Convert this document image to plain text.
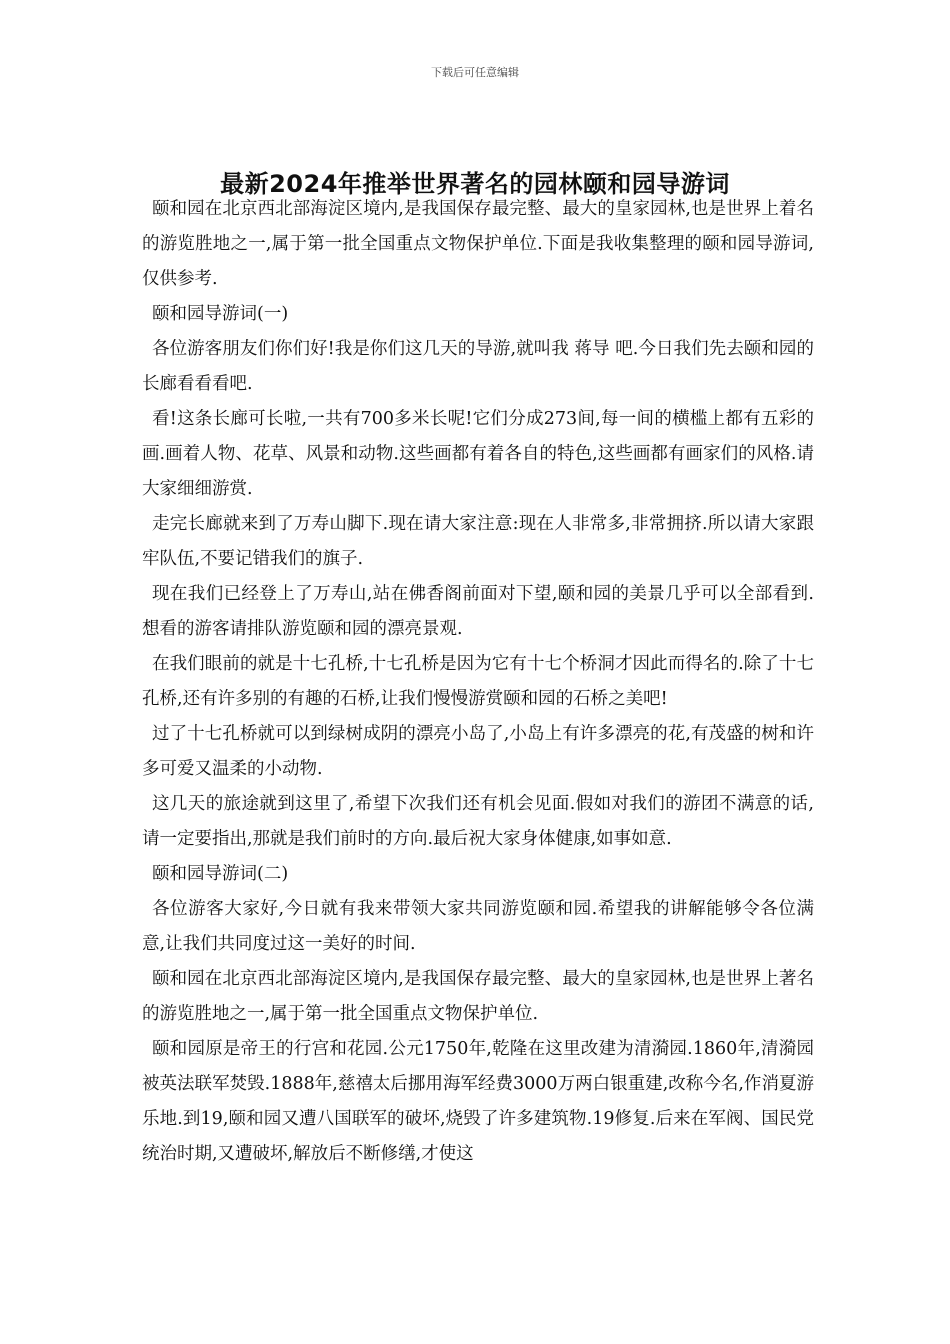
下载后可任意编辑
最新2024年推举世界著名的园林颐和园导游词

颐和园在北京西北部海淀区境内,是我国保存最完整、最大的皇家园林,也是世界上着名的游览胜地之一,属于第一批全国重点文物保护单位.下面是我收集整理的颐和园导游词,仅供参考.

颐和园导游词(一)

各位游客朋友们你们好!我是你们这几天的导游,就叫我 蒋导 吧.今日我们先去颐和园的长廊看看看吧.

看!这条长廊可长啦,一共有700多米长呢!它们分成273间,每一间的横槛上都有五彩的画.画着人物、花草、风景和动物.这些画都有着各自的特色,这些画都有画家们的风格.请大家细细游赏.

走完长廊就来到了万寿山脚下.现在请大家注意:现在人非常多,非常拥挤.所以请大家跟牢队伍,不要记错我们的旗子.

现在我们已经登上了万寿山,站在佛香阁前面对下望,颐和园的美景几乎可以全部看到.想看的游客请排队游览颐和园的漂亮景观.

在我们眼前的就是十七孔桥,十七孔桥是因为它有十七个桥洞才因此而得名的.除了十七孔桥,还有许多别的有趣的石桥,让我们慢慢游赏颐和园的石桥之美吧!

过了十七孔桥就可以到绿树成阴的漂亮小岛了,小岛上有许多漂亮的花,有茂盛的树和许多可爱又温柔的小动物.

这几天的旅途就到这里了,希望下次我们还有机会见面.假如对我们的游团不满意的话,请一定要指出,那就是我们前时的方向.最后祝大家身体健康,如事如意.

颐和园导游词(二)

各位游客大家好,今日就有我来带领大家共同游览颐和园.希望我的讲解能够令各位满意,让我们共同度过这一美好的时间.

颐和园在北京西北部海淀区境内,是我国保存最完整、最大的皇家园林,也是世界上著名的游览胜地之一,属于第一批全国重点文物保护单位.

颐和园原是帝王的行宫和花园.公元1750年,乾隆在这里改建为清漪园.1860年,清漪园被英法联军焚毁.1888年,慈禧太后挪用海军经费3000万两白银重建,改称今名,作消夏游乐地.到19,颐和园又遭八国联军的破坏,烧毁了许多建筑物.19修复.后来在军阀、国民党统治时期,又遭破坏,解放后不断修缮,才使这
